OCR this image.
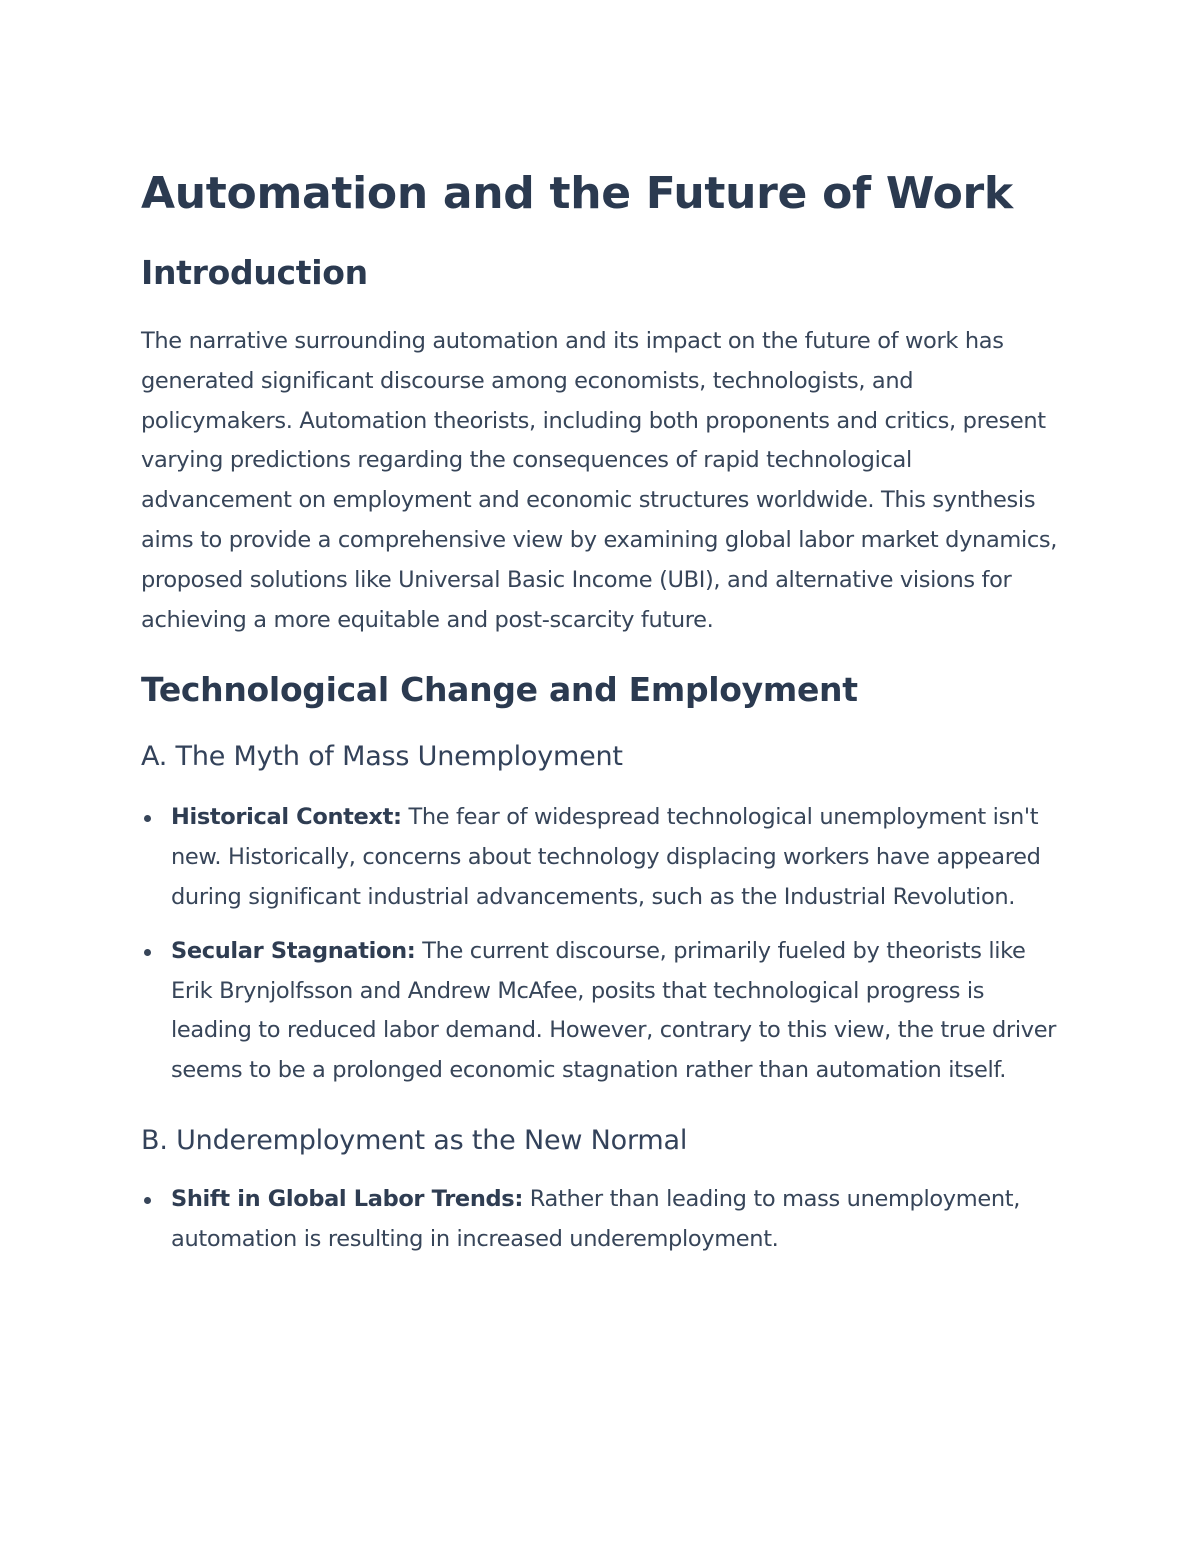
Automation and the Future of Work
Introduction

The narrative surrounding automation and its impact on the future of work has generated significant discourse among economists, technologists, and policymakers. Automation theorists, including both proponents and critics, present varying predictions regarding the consequences of rapid technological advancement on employment and economic structures worldwide. This synthesis aims to provide a comprehensive view by examining global labor market dynamics, proposed solutions like Universal Basic Income (UBI), and alternative visions for achieving a more equitable and post-scarcity future.

Technological Change and Employment
A. The Myth of Mass Unemployment
Historical Context: The fear of widespread technological unemployment isn't new. Historically, concerns about technology displacing workers have appeared during significant industrial advancements, such as the Industrial Revolution.
Secular Stagnation: The current discourse, primarily fueled by theorists like Erik Brynjolfsson and Andrew McAfee, posits that technological progress is leading to reduced labor demand. However, contrary to this view, the true driver seems to be a prolonged economic stagnation rather than automation itself.
B. Underemployment as the New Normal
Shift in Global Labor Trends: Rather than leading to mass unemployment, automation is resulting in increased underemployment.
